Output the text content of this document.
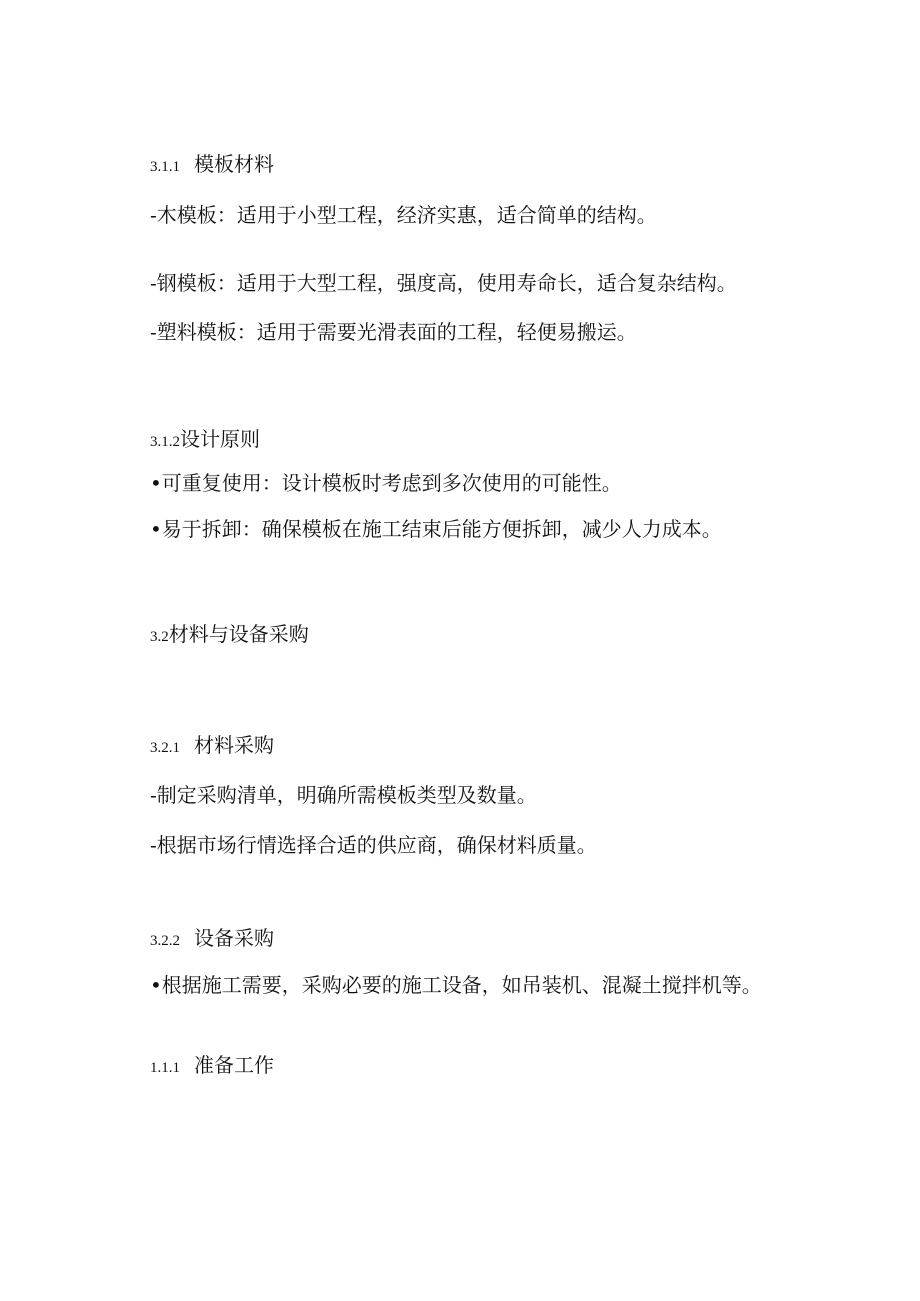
3.1.1 模板材料
-木模板：适用于小型工程，经济实惠，适合简单的结构。
-钢模板：适用于大型工程，强度高，使用寿命长，适合复杂结构。
-塑料模板：适用于需要光滑表面的工程，轻便易搬运。
3.1.2设计原则
•可重复使用：设计模板时考虑到多次使用的可能性。
•易于拆卸：确保模板在施工结束后能方便拆卸，减少人力成本。
3.2材料与设备采购
3.2.1 材料采购
-制定采购清单，明确所需模板类型及数量。
-根据市场行情选择合适的供应商，确保材料质量。
3.2.2 设备采购
•根据施工需要，采购必要的施工设备，如吊装机、混凝土搅拌机等。
1.1.1 准备工作
